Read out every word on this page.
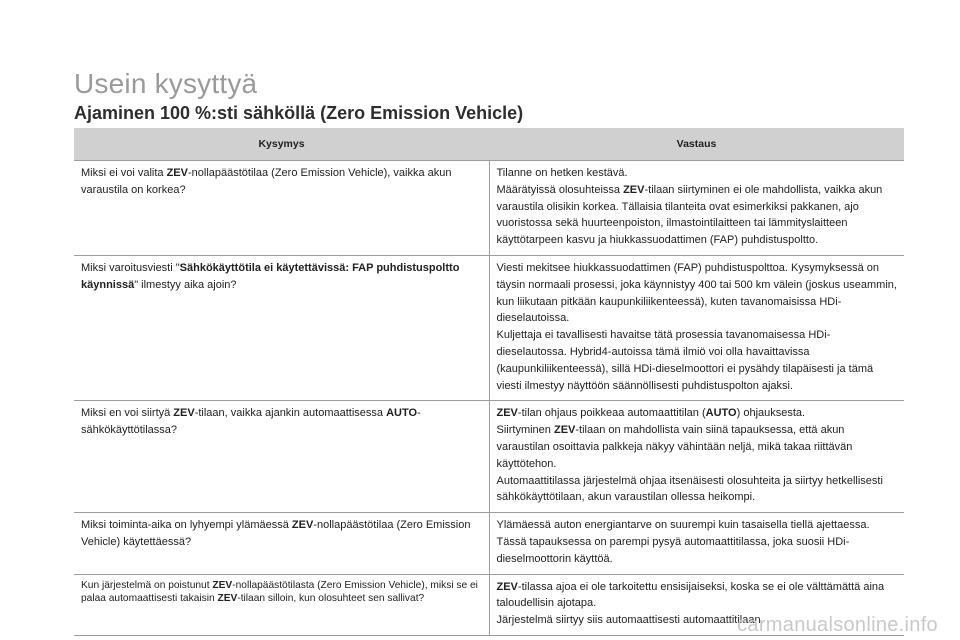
Usein kysyttyä
Ajaminen 100 %:sti sähköllä (Zero Emission Vehicle)
Kysymys	Vastaus

Miksi ei voi valita ZEV-nollapäästötilaa (Zero Emission Vehicle), vaikka akun varaustila on korkea?	Tilanne on hetken kestävä.
Määrätyissä olosuhteissa ZEV-tilaan siirtyminen ei ole mahdollista, vaikka akun varaustila olisikin korkea. Tällaisia tilanteita ovat esimerkiksi pakkanen, ajo vuoristossa sekä huurteenpoiston, ilmastointilaitteen tai lämmityslaitteen käyttötarpeen kasvu ja hiukkassuodattimen (FAP) puhdistuspoltto.

Miksi varoitusviesti "Sähkökäyttötila ei käytettävissä: FAP puhdistuspoltto käynnissä" ilmestyy aika ajoin?	Viesti mekitsee hiukkassuodattimen (FAP) puhdistuspolttoa. Kysymyksessä on täysin normaali prosessi, joka käynnistyy 400 tai 500 km välein (joskus useammin, kun liikutaan pitkään kaupunkiliikenteessä), kuten tavanomaisissa HDi-dieselautoissa.
Kuljettaja ei tavallisesti havaitse tätä prosessia tavanomaisessa HDi-dieselautossa. Hybrid4-autoissa tämä ilmiö voi olla havaittavissa (kaupunkiliikenteessä), sillä HDi-dieselmoottori ei pysähdy tilapäisesti ja tämä viesti ilmestyy näyttöön säännöllisesti puhdistuspolton ajaksi.

Miksi en voi siirtyä ZEV-tilaan, vaikka ajankin automaattisessa AUTO-sähkökäyttötilassa?	ZEV-tilan ohjaus poikkeaa automaattitilan (AUTO) ohjauksesta.
Siirtyminen ZEV-tilaan on mahdollista vain siinä tapauksessa, että akun varaustilan osoittavia palkkeja näkyy vähintään neljä, mikä takaa riittävän käyttötehon.
Automaattitilassa järjestelmä ohjaa itsenäisesti olosuhteita ja siirtyy hetkellisesti sähkökäyttötilaan, akun varaustilan ollessa heikompi.

Miksi toiminta-aika on lyhyempi ylämäessä ZEV-nollapäästötilaa (Zero Emission Vehicle) käytettäessä?	Ylämäessä auton energiantarve on suurempi kuin tasaisella tiellä ajettaessa.
Tässä tapauksessa on parempi pysyä automaattitilassa, joka suosii HDi-dieselmoottorin käyttöä.

Kun järjestelmä on poistunut ZEV-nollapäästötilasta (Zero Emission Vehicle), miksi se ei palaa automaattisesti takaisin ZEV-tilaan silloin, kun olosuhteet sen sallivat?	ZEV-tilassa ajoa ei ole tarkoitettu ensisijaiseksi, koska se ei ole välttämättä aina taloudellisin ajotapa.
Järjestelmä siirtyy siis automaattisesti automaattitilaan.
carmanualsonline.info
